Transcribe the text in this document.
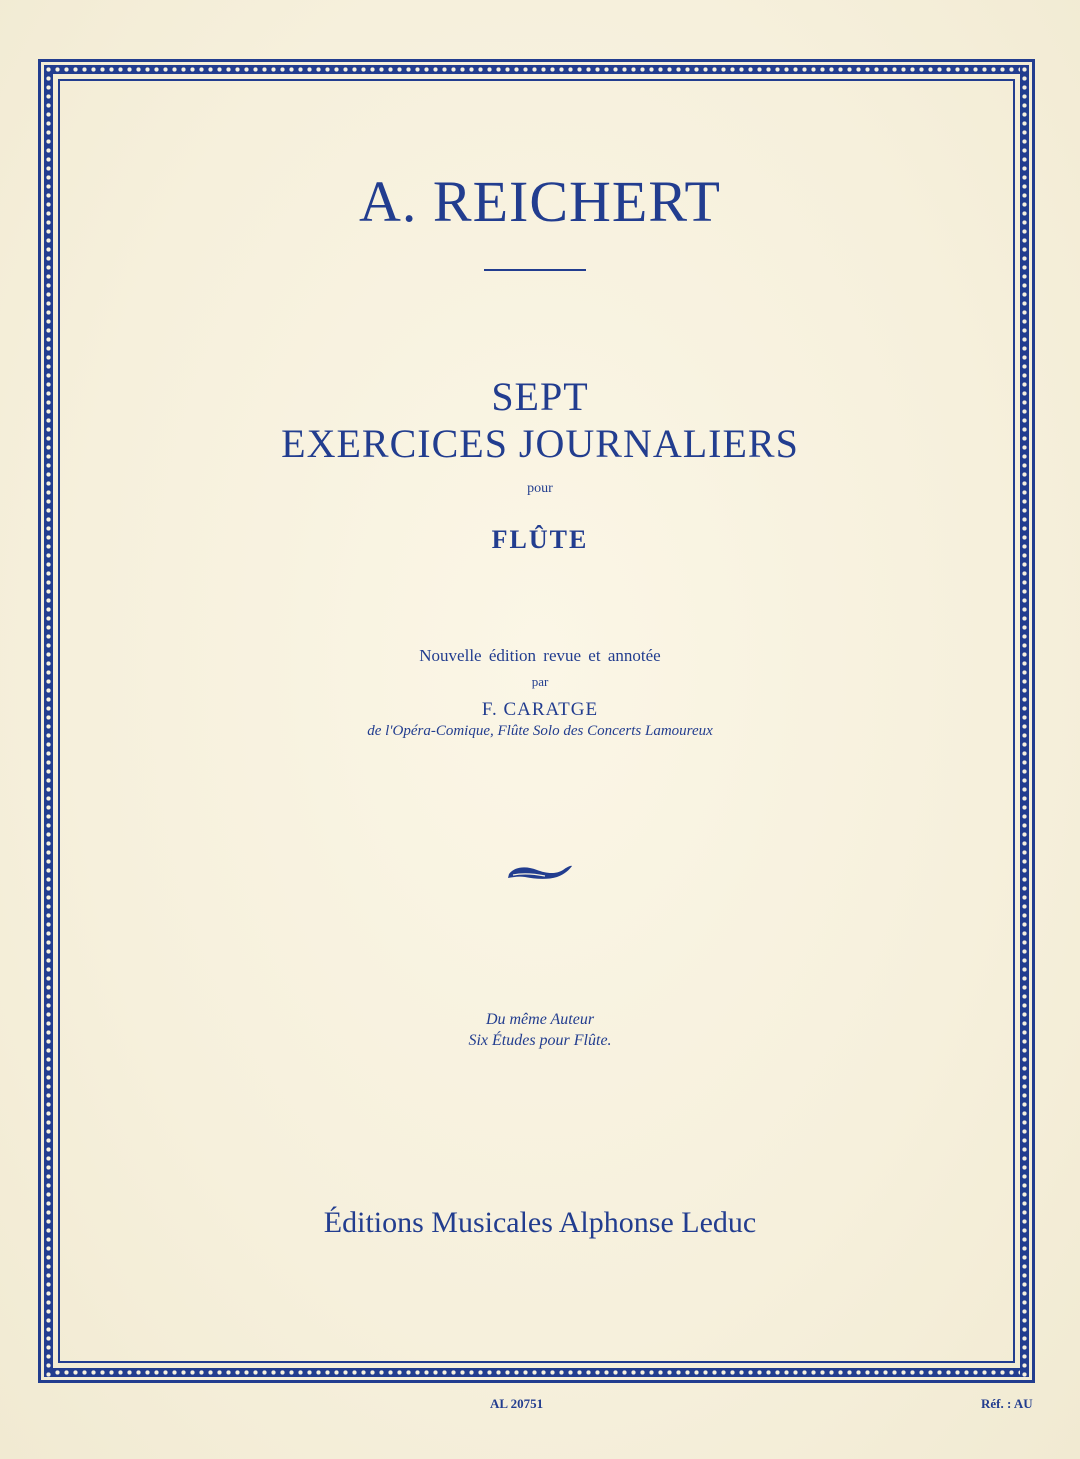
A. REICHERT
SEPT
EXERCICES JOURNALIERS
pour
FLÛTE
Nouvelle édition revue et annotée
par
F. CARATGE
de l'Opéra-Comique, Flûte Solo des Concerts Lamoureux
Du même Auteur
Six Études pour Flûte.
Éditions Musicales Alphonse Leduc
AL 20751	Réf. : AU
